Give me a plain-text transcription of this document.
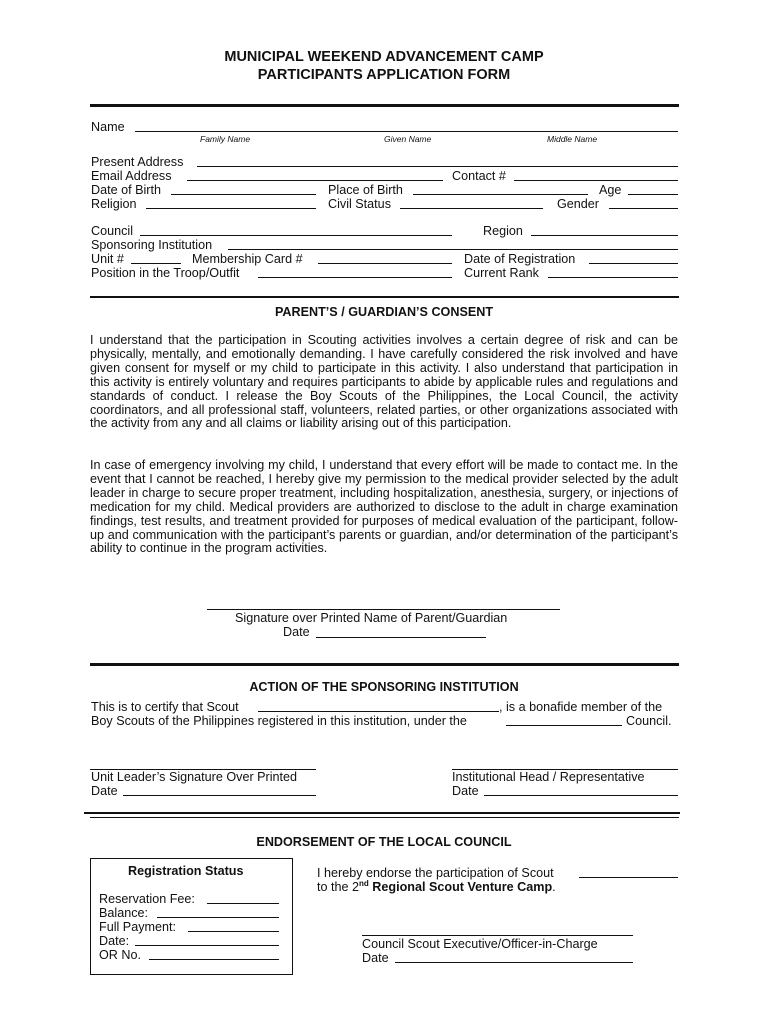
MUNICIPAL WEEKEND ADVANCEMENT CAMP
PARTICIPANTS APPLICATION FORM
Name
Family Name	Given Name	Middle Name
Present Address
Email Address	Contact #
Date of Birth	Place of Birth	Age
Religion	Civil Status	Gender
Council	Region
Sponsoring Institution
Unit #	Membership Card #	Date of Registration
Position in the Troop/Outfit	Current Rank
PARENT’S / GUARDIAN’S CONSENT
I understand that the participation in Scouting activities involves a certain degree of risk and can be physically, mentally, and emotionally demanding. I have carefully considered the risk involved and have given consent for myself or my child to participate in this activity. I also understand that participation in this activity is entirely voluntary and requires participants to abide by applicable rules and regulations and standards of conduct. I release the Boy Scouts of the Philippines, the Local Council, the activity coordinators, and all professional staff, volunteers, related parties, or other organizations associated with the activity from any and all claims or liability arising out of this participation.
In case of emergency involving my child, I understand that every effort will be made to contact me. In the event that I cannot be reached, I hereby give my permission to the medical provider selected by the adult leader in charge to secure proper treatment, including hospitalization, anesthesia, surgery, or injections of medication for my child. Medical providers are authorized to disclose to the adult in charge examination findings, test results, and treatment provided for purposes of medical evaluation of the participant, follow-up and communication with the participant’s parents or guardian, and/or determination of the participant’s ability to continue in the program activities.
Signature over Printed Name of Parent/Guardian
Date
ACTION OF THE SPONSORING INSTITUTION
This is to certify that Scout	, is a bonafide member of the
Boy Scouts of the Philippines registered in this institution, under the	Council.
Unit Leader’s Signature Over Printed
Date
Institutional Head / Representative
Date
ENDORSEMENT OF THE LOCAL COUNCIL
Registration Status
Reservation Fee:
Balance:
Full Payment:
Date:
OR No.
I hereby endorse the participation of Scout
to the 2nd Regional Scout Venture Camp.
Council Scout Executive/Officer-in-Charge
Date
